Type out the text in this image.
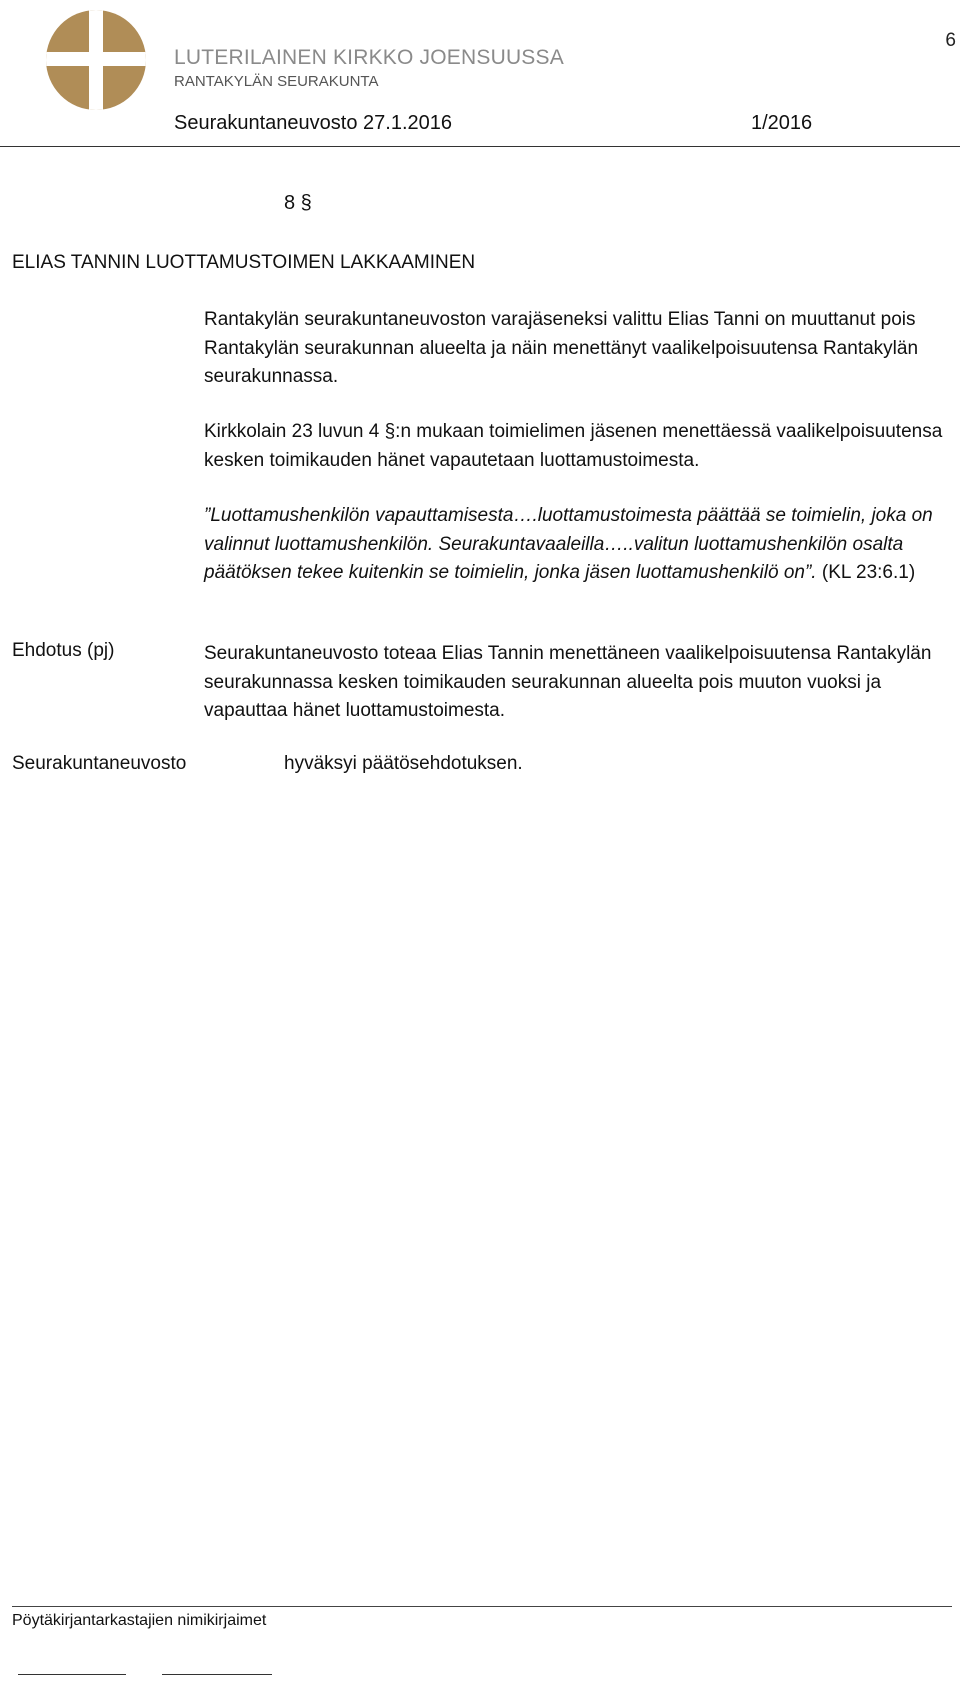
LUTERILAINEN KIRKKO JOENSUUSSA
RANTAKYLÄN SEURAKUNTA
6
Seurakuntaneuvosto 27.1.2016	1/2016
8 §
ELIAS TANNIN LUOTTAMUSTOIMEN LAKKAAMINEN
Rantakylän seurakuntaneuvoston varajäseneksi valittu Elias Tanni on muuttanut pois Rantakylän seurakunnan alueelta ja näin menettänyt vaalikelpoisuutensa Rantakylän seurakunnassa.
Kirkkolain 23 luvun 4 §:n mukaan toimielimen jäsenen menettäessä vaalikelpoisuutensa kesken toimikauden hänet vapautetaan luottamustoimesta.
”Luottamushenkilön vapauttamisesta….luottamustoimesta päättää se toimielin, joka on valinnut luottamushenkilön. Seurakuntavaaleilla…..valitun luottamushenkilön osalta päätöksen tekee kuitenkin se toimielin, jonka jäsen luottamushenkilö on”. (KL 23:6.1)
Ehdotus (pj)	Seurakuntaneuvosto toteaa Elias Tannin menettäneen vaalikelpoisuutensa Rantakylän seurakunnassa kesken toimikauden seurakunnan alueelta pois muuton vuoksi ja vapauttaa hänet luottamustoimesta.
Seurakuntaneuvosto	hyväksyi päätösehdotuksen.
Pöytäkirjantarkastajien nimikirjaimet
